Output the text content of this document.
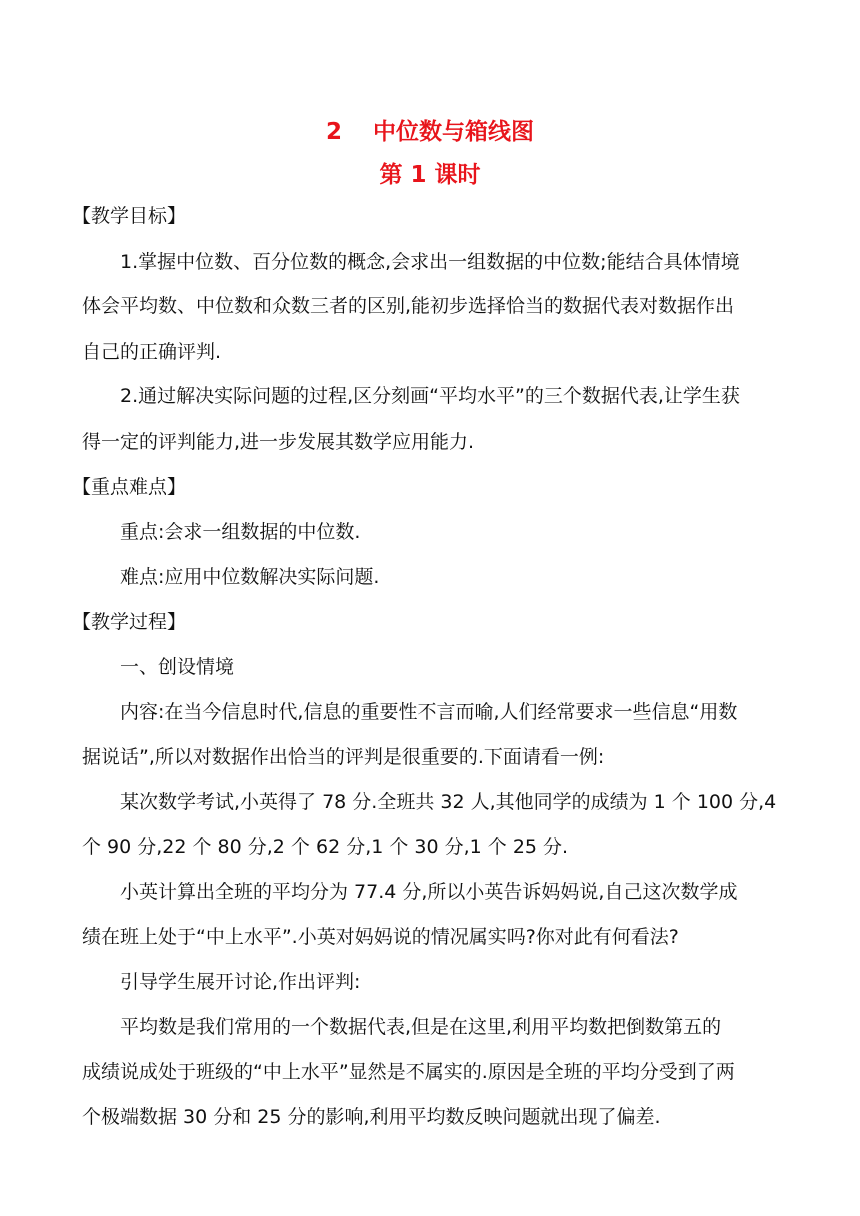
2　 中位数与箱线图
第 1 课时
【教学目标】
1.掌握中位数、百分位数的概念,会求出一组数据的中位数;能结合具体情境
体会平均数、中位数和众数三者的区别,能初步选择恰当的数据代表对数据作出
自己的正确评判.
2.通过解决实际问题的过程,区分刻画“平均水平”的三个数据代表,让学生获
得一定的评判能力,进一步发展其数学应用能力.
【重点难点】
重点:会求一组数据的中位数.
难点:应用中位数解决实际问题.
【教学过程】
一、创设情境
内容:在当今信息时代,信息的重要性不言而喻,人们经常要求一些信息“用数
据说话”,所以对数据作出恰当的评判是很重要的.下面请看一例:
某次数学考试,小英得了 78 分.全班共 32 人,其他同学的成绩为 1 个 100 分,4
个 90 分,22 个 80 分,2 个 62 分,1 个 30 分,1 个 25 分.
小英计算出全班的平均分为 77.4 分,所以小英告诉妈妈说,自己这次数学成
绩在班上处于“中上水平”.小英对妈妈说的情况属实吗?你对此有何看法?
引导学生展开讨论,作出评判:
平均数是我们常用的一个数据代表,但是在这里,利用平均数把倒数第五的
成绩说成处于班级的“中上水平”显然是不属实的.原因是全班的平均分受到了两
个极端数据 30 分和 25 分的影响,利用平均数反映问题就出现了偏差.
